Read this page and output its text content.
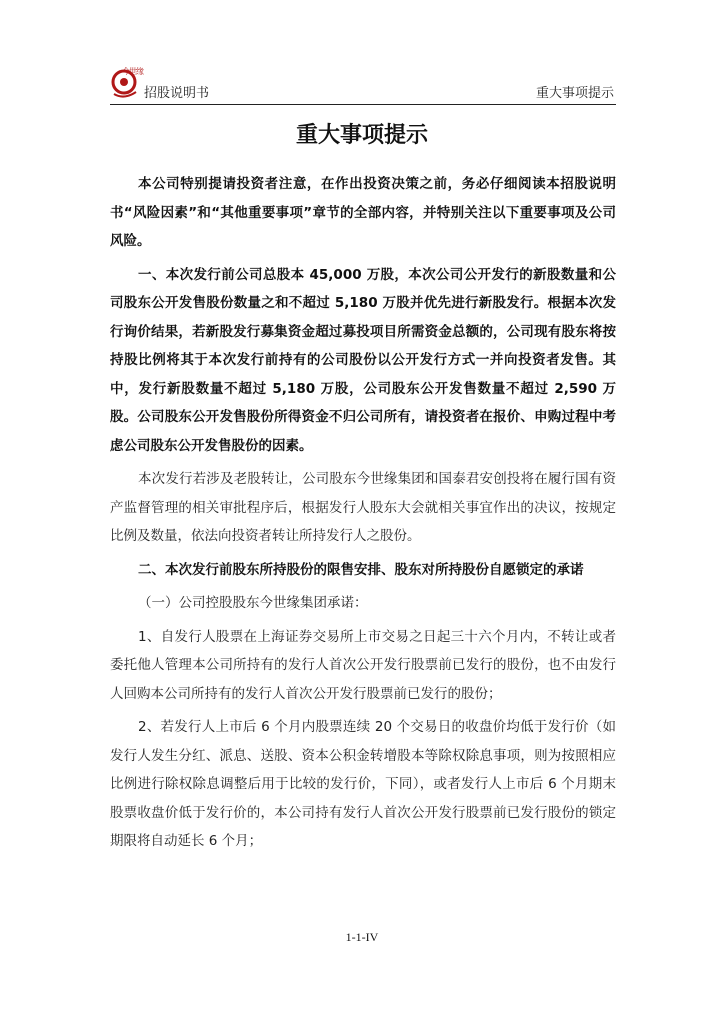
今世缘
招股说明书	重大事项提示
重大事项提示

本公司特别提请投资者注意，在作出投资决策之前，务必仔细阅读本招股说明书“风险因素”和“其他重要事项”章节的全部内容，并特别关注以下重要事项及公司风险。

一、本次发行前公司总股本 45,000 万股，本次公司公开发行的新股数量和公司股东公开发售股份数量之和不超过 5,180 万股并优先进行新股发行。根据本次发行询价结果，若新股发行募集资金超过募投项目所需资金总额的，公司现有股东将按持股比例将其于本次发行前持有的公司股份以公开发行方式一并向投资者发售。其中，发行新股数量不超过 5,180 万股，公司股东公开发售数量不超过 2,590 万股。公司股东公开发售股份所得资金不归公司所有，请投资者在报价、申购过程中考虑公司股东公开发售股份的因素。

本次发行若涉及老股转让，公司股东今世缘集团和国泰君安创投将在履行国有资产监督管理的相关审批程序后，根据发行人股东大会就相关事宜作出的决议，按规定比例及数量，依法向投资者转让所持发行人之股份。

二、本次发行前股东所持股份的限售安排、股东对所持股份自愿锁定的承诺

（一）公司控股股东今世缘集团承诺：

1、自发行人股票在上海证券交易所上市交易之日起三十六个月内，不转让或者委托他人管理本公司所持有的发行人首次公开发行股票前已发行的股份，也不由发行人回购本公司所持有的发行人首次公开发行股票前已发行的股份；

2、若发行人上市后 6 个月内股票连续 20 个交易日的收盘价均低于发行价（如发行人发生分红、派息、送股、资本公积金转增股本等除权除息事项，则为按照相应比例进行除权除息调整后用于比较的发行价，下同），或者发行人上市后 6 个月期末股票收盘价低于发行价的，本公司持有发行人首次公开发行股票前已发行股份的锁定期限将自动延长 6 个月；

1-1-IV
